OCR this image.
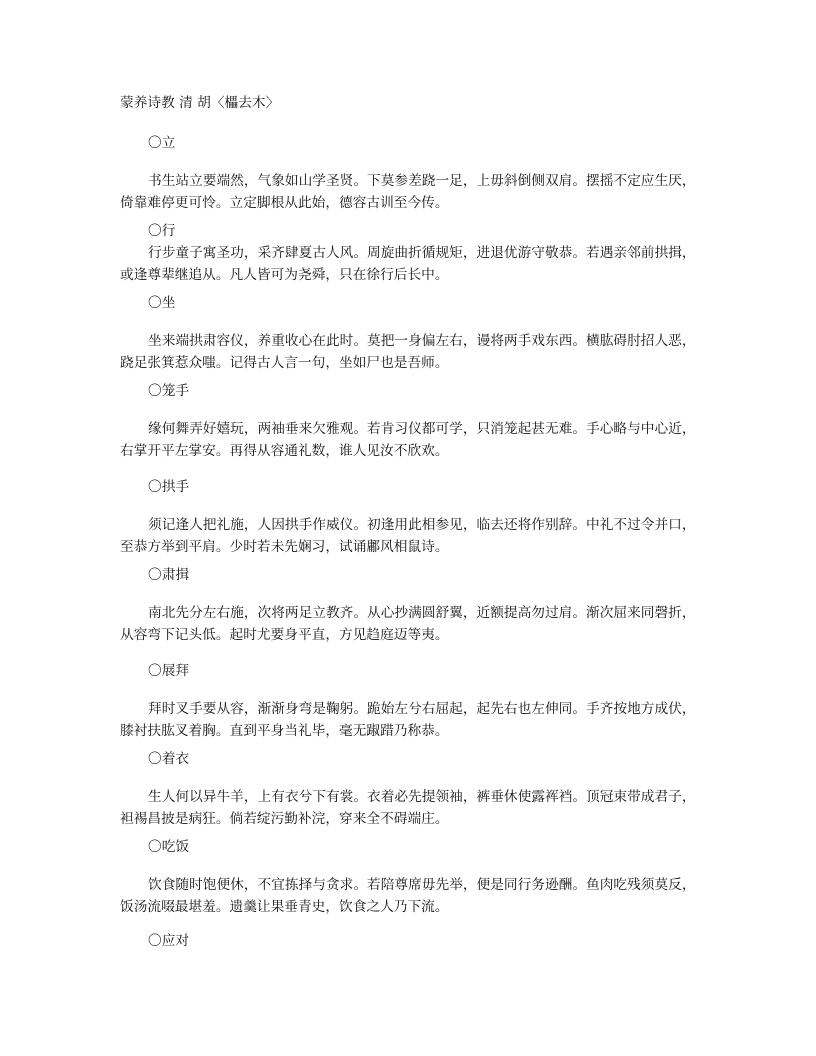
蒙养诗教 清 胡〈櫑去木〉
〇立
书生站立要端然，气象如山学圣贤。下莫参差跷一足，上毋斜倒侧双肩。摆摇不定应生厌，
倚靠难停更可怜。立定脚根从此始，德容古训至今传。
〇行
行步童子寓圣功，采齐肆夏古人风。周旋曲折循规矩，进退优游守敬恭。若遇亲邻前拱揖，
或逢尊辈继追从。凡人皆可为尧舜，只在徐行后长中。
〇坐
坐来端拱肃容仪，养重收心在此时。莫把一身偏左右，谩将两手戏东西。横肱碍肘招人恶，
跷足张箕惹众嗤。记得古人言一句，坐如尸也是吾师。
〇笼手
缘何舞弄好嬉玩，两袖垂来欠雅观。若肯习仪都可学，只消笼起甚无难。手心略与中心近，
右掌开平左掌安。再得从容通礼数，谁人见汝不欣欢。
〇拱手
须记逢人把礼施，人因拱手作威仪。初逢用此相参见，临去还将作别辞。中礼不过令并口，
至恭方举到平肩。少时若未先娴习，试诵鄘风相鼠诗。
〇肃揖
南北先分左右施，次将两足立教齐。从心抄满圆舒翼，近额提高勿过肩。渐次屈来同磬折，
从容弯下记头低。起时尤要身平直，方见趋庭迈等夷。
〇展拜
拜时叉手要从容，渐渐身弯是鞠躬。跪始左兮右屈起，起先右也左伸同。手齐按地方成伏，
膝衬扶肱叉着胸。直到平身当礼毕，毫无踧踖乃称恭。
〇着衣
生人何以异牛羊，上有衣兮下有裳。衣着必先提领袖，裤垂休使露裈裆。顶冠束带成君子，
袒裼昌披是病狂。倘若绽污勤补浣，穿来全不碍端庄。
〇吃饭
饮食随时饱便休，不宜拣择与贪求。若陪尊席毋先举，便是同行务逊酬。鱼肉吃残须莫反，
饭汤流啜最堪羞。遗羹让果垂青史，饮食之人乃下流。
〇应对
